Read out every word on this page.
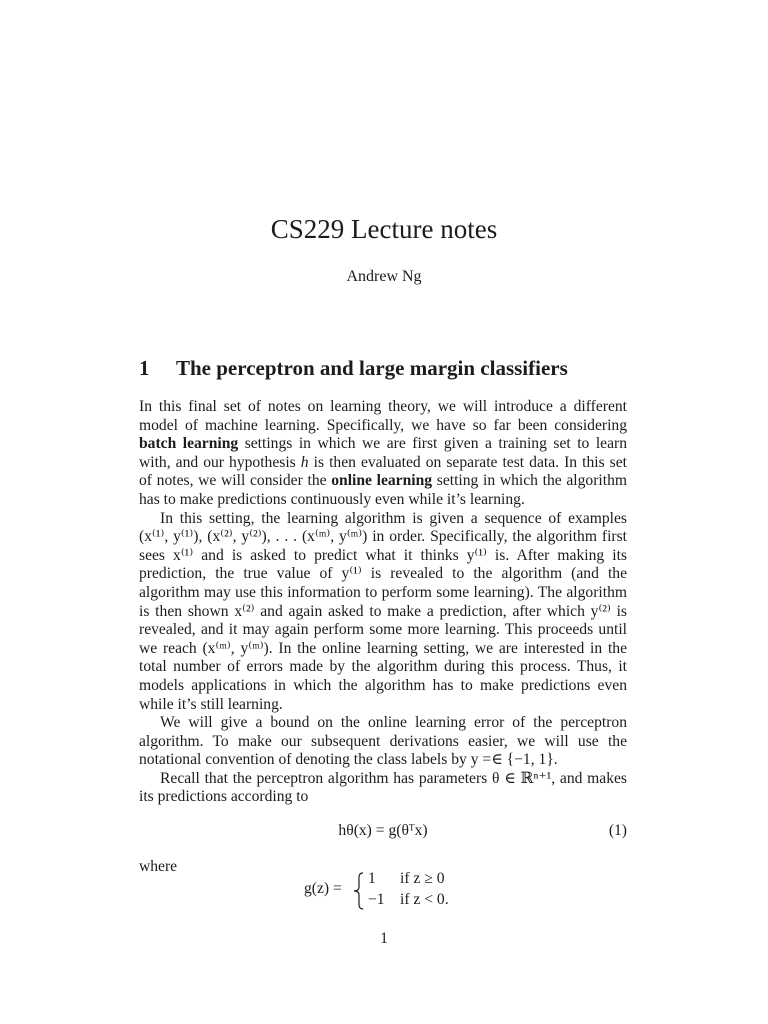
CS229 Lecture notes
Andrew Ng
1 The perceptron and large margin classifiers

In this final set of notes on learning theory, we will introduce a different model of machine learning. Specifically, we have so far been considering batch learning settings in which we are first given a training set to learn with, and our hypothesis h is then evaluated on separate test data. In this set of notes, we will consider the online learning setting in which the algorithm has to make predictions continuously even while it’s learning.

In this setting, the learning algorithm is given a sequence of examples (x⁽¹⁾, y⁽¹⁾), (x⁽²⁾, y⁽²⁾), . . . (x⁽ᵐ⁾, y⁽ᵐ⁾) in order. Specifically, the algorithm first sees x⁽¹⁾ and is asked to predict what it thinks y⁽¹⁾ is. After making its prediction, the true value of y⁽¹⁾ is revealed to the algorithm (and the algorithm may use this information to perform some learning). The algorithm is then shown x⁽²⁾ and again asked to make a prediction, after which y⁽²⁾ is revealed, and it may again perform some more learning. This proceeds until we reach (x⁽ᵐ⁾, y⁽ᵐ⁾). In the online learning setting, we are interested in the total number of errors made by the algorithm during this process. Thus, it models applications in which the algorithm has to make predictions even while it’s still learning.

We will give a bound on the online learning error of the perceptron algorithm. To make our subsequent derivations easier, we will use the notational convention of denoting the class labels by y =∈ {−1, 1}.

Recall that the perceptron algorithm has parameters θ ∈ ℝⁿ⁺¹, and makes its predictions according to

hθ(x) = g(θᵀx)	(1)
where
g(z) =
1 if z ≥ 0
−1 if z < 0.
1
